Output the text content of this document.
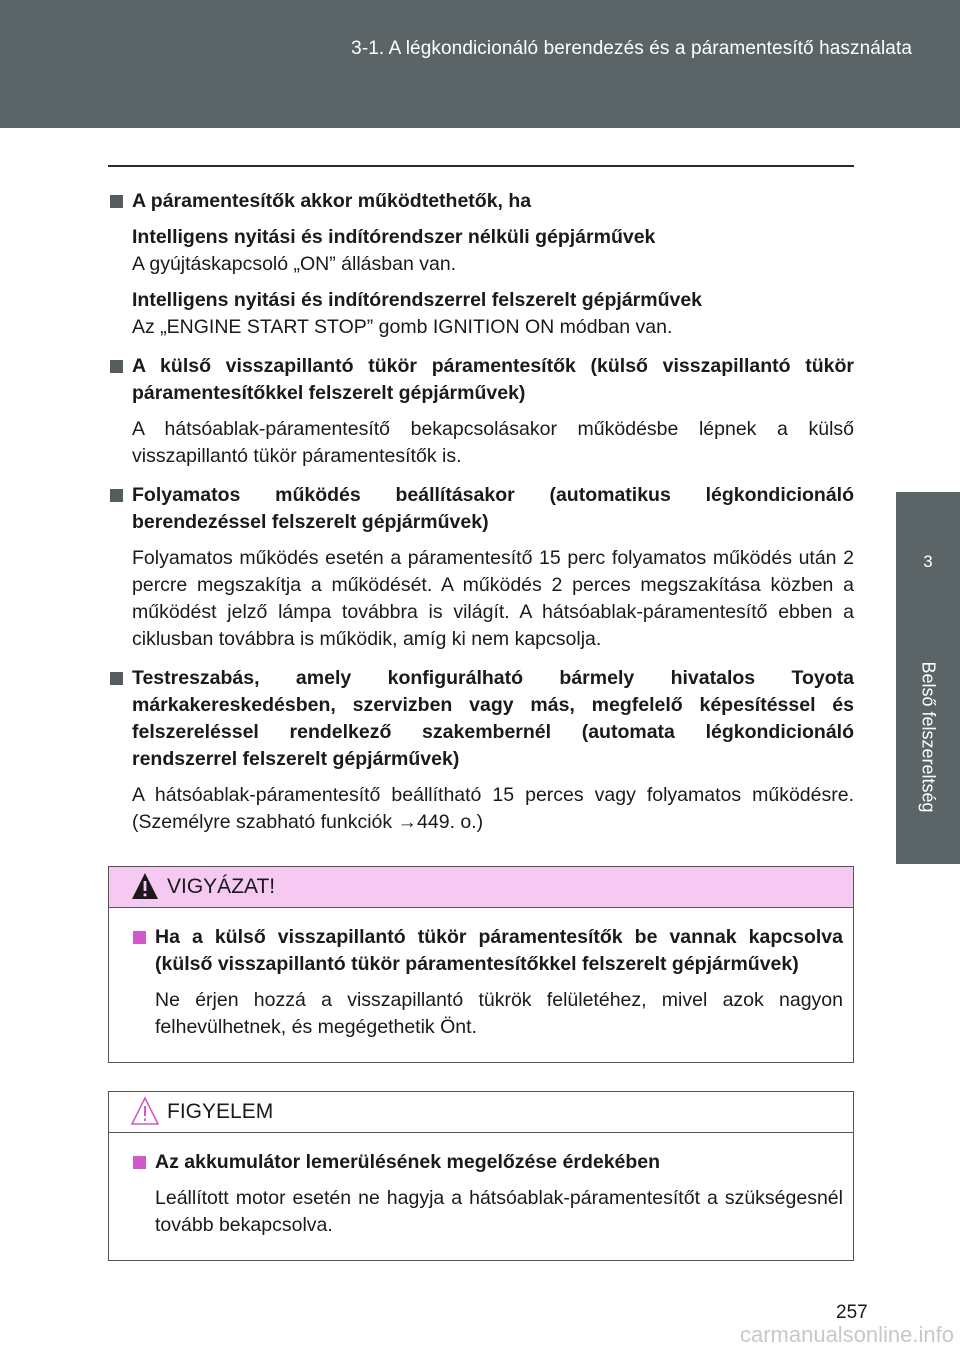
3-1. A légkondicionáló berendezés és a páramentesítő használata
3
Belső felszereltség
A páramentesítők akkor működtethetők, ha
Intelligens nyitási és indítórendszer nélküli gépjárművek
A gyújtáskapcsoló „ON” állásban van.
Intelligens nyitási és indítórendszerrel felszerelt gépjárművek
Az „ENGINE START STOP” gomb IGNITION ON módban van.
A külső visszapillantó tükör páramentesítők (külső visszapillantó tükör páramentesítőkkel felszerelt gépjárművek)
A hátsóablak-páramentesítő bekapcsolásakor működésbe lépnek a külső visszapillantó tükör páramentesítők is.
Folyamatos működés beállításakor (automatikus légkondicionáló berendezéssel felszerelt gépjárművek)
Folyamatos működés esetén a páramentesítő 15 perc folyamatos működés után 2 percre megszakítja a működését. A működés 2 perces megszakítása közben a működést jelző lámpa továbbra is világít. A hátsóablak-páramentesítő ebben a ciklusban továbbra is működik, amíg ki nem kapcsolja.
Testreszabás, amely konfigurálható bármely hivatalos Toyota márkakereskedésben, szervizben vagy más, megfelelő képesítéssel és felszereléssel rendelkező szakembernél (automata légkondicionáló rendszerrel felszerelt gépjárművek)
A hátsóablak-páramentesítő beállítható 15 perces vagy folyamatos működésre. (Személyre szabható funkciók →449. o.)
VIGYÁZAT!
Ha a külső visszapillantó tükör páramentesítők be vannak kapcsolva (külső visszapillantó tükör páramentesítőkkel felszerelt gépjárművek)
Ne érjen hozzá a visszapillantó tükrök felületéhez, mivel azok nagyon felhevülhetnek, és megégethetik Önt.
FIGYELEM
Az akkumulátor lemerülésének megelőzése érdekében
Leállított motor esetén ne hagyja a hátsóablak-páramentesítőt a szükségesnél tovább bekapcsolva.
257
carmanualsonline.info
